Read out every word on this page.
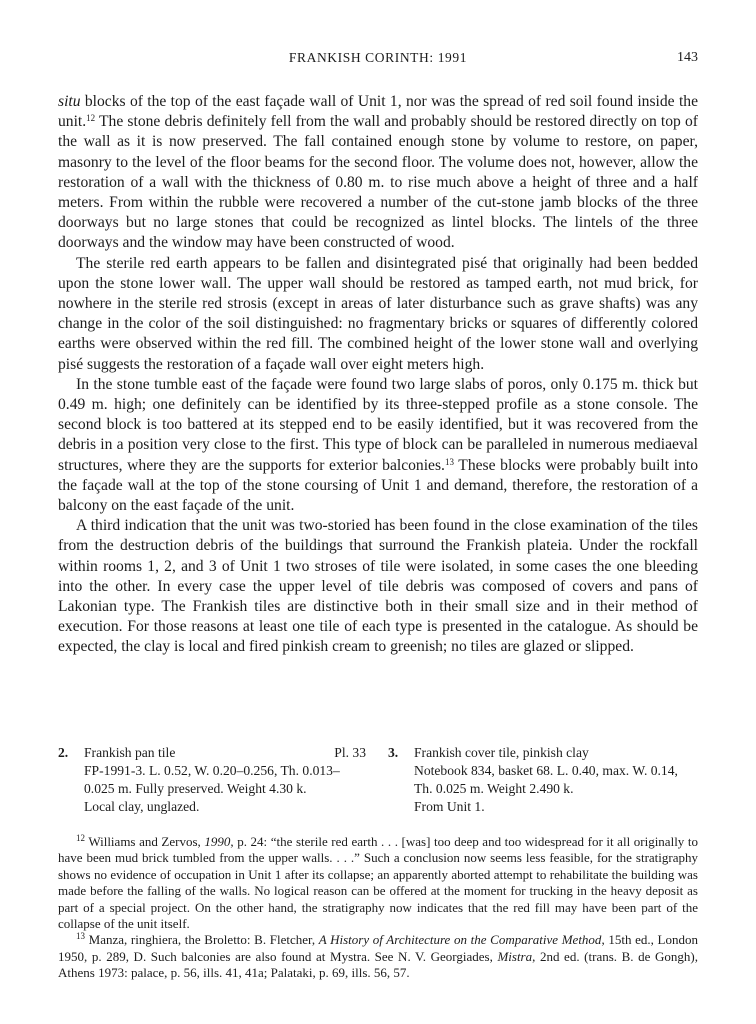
FRANKISH CORINTH: 1991	143

situ blocks of the top of the east façade wall of Unit 1, nor was the spread of red soil found inside the unit.$^{12}$ The stone debris definitely fell from the wall and probably should be restored directly on top of the wall as it is now preserved. The fall contained enough stone by volume to restore, on paper, masonry to the level of the floor beams for the second floor. The volume does not, however, allow the restoration of a wall with the thickness of 0.80 m. to rise much above a height of three and a half meters. From within the rubble were recovered a number of the cut-stone jamb blocks of the three doorways but no large stones that could be recognized as lintel blocks. The lintels of the three doorways and the window may have been constructed of wood.

The sterile red earth appears to be fallen and disintegrated pisé that originally had been bedded upon the stone lower wall. The upper wall should be restored as tamped earth, not mud brick, for nowhere in the sterile red strosis (except in areas of later disturbance such as grave shafts) was any change in the color of the soil distinguished: no fragmentary bricks or squares of differently colored earths were observed within the red fill. The combined height of the lower stone wall and overlying pisé suggests the restoration of a façade wall over eight meters high.

In the stone tumble east of the façade were found two large slabs of poros, only 0.175 m. thick but 0.49 m. high; one definitely can be identified by its three-stepped profile as a stone console. The second block is too battered at its stepped end to be easily identified, but it was recovered from the debris in a position very close to the first. This type of block can be paralleled in numerous mediaeval structures, where they are the supports for exterior balconies.$^{13}$ These blocks were probably built into the façade wall at the top of the stone coursing of Unit 1 and demand, therefore, the restoration of a balcony on the east façade of the unit.

A third indication that the unit was two-storied has been found in the close examination of the tiles from the destruction debris of the buildings that surround the Frankish plateia. Under the rockfall within rooms 1, 2, and 3 of Unit 1 two stroses of tile were isolated, in some cases the one bleeding into the other. In every case the upper level of tile debris was composed of covers and pans of Lakonian type. The Frankish tiles are distinctive both in their small size and in their method of execution. For those reasons at least one tile of each type is presented in the catalogue. As should be expected, the clay is local and fired pinkish cream to greenish; no tiles are glazed or slipped.

2. Frankish pan tile	Pl. 33
FP-1991-3. L. 0.52, W. 0.20–0.256, Th. 0.013–
0.025 m. Fully preserved. Weight 4.30 k.
Local clay, unglazed.
3. Frankish cover tile, pinkish clay
Notebook 834, basket 68. L. 0.40, max. W. 0.14,
Th. 0.025 m. Weight 2.490 k.
From Unit 1.

$^{12}$ Williams and Zervos, 1990, p. 24: “the sterile red earth . . . [was] too deep and too widespread for it all originally to have been mud brick tumbled from the upper walls. . . .” Such a conclusion now seems less feasible, for the stratigraphy shows no evidence of occupation in Unit 1 after its collapse; an apparently aborted attempt to rehabilitate the building was made before the falling of the walls. No logical reason can be offered at the moment for trucking in the heavy deposit as part of a special project. On the other hand, the stratigraphy now indicates that the red fill may have been part of the collapse of the unit itself.

$^{13}$ Manza, ringhiera, the Broletto: B. Fletcher, A History of Architecture on the Comparative Method, 15th ed., London 1950, p. 289, D. Such balconies are also found at Mystra. See N. V. Georgiades, Mistra, 2nd ed. (trans. B. de Gongh), Athens 1973: palace, p. 56, ills. 41, 41a; Palataki, p. 69, ills. 56, 57.
